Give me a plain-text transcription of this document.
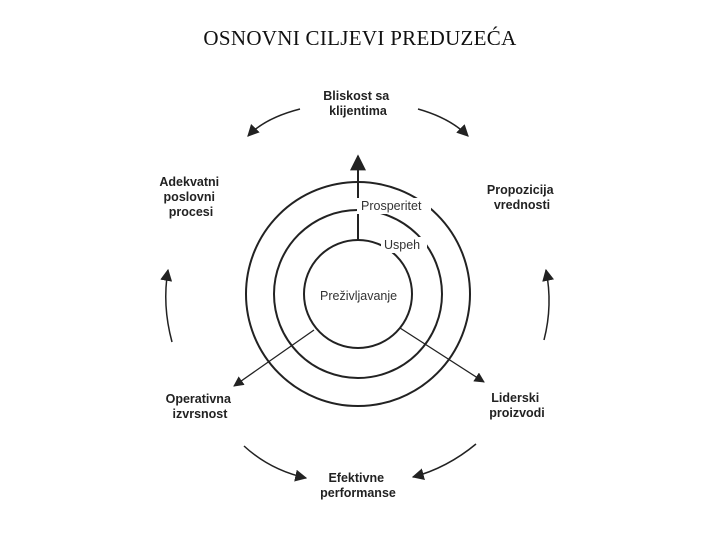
OSNOVNI CILJEVI PREDUZEĆA
Prosperitet
Uspeh
Preživljavanje
Bliskost sa klijentima
Propozicija vrednosti
Liderski proizvodi
Efektivne performanse
Operativna izvrsnost
Adekvatni poslovni procesi
